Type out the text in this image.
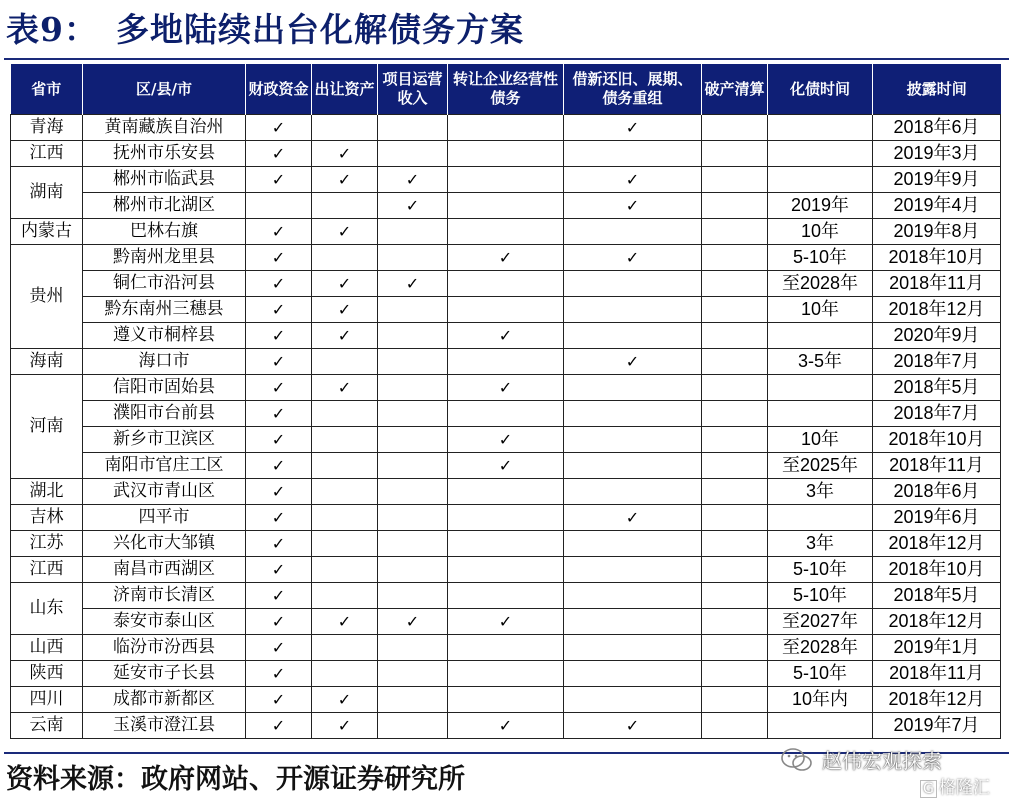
表9： 多地陆续出台化解债务方案
省市	区/县/市	财政资金	出让资产	项目运营收入	转让企业经营性债务	借新还旧、展期、债务重组	破产清算	化债时间	披露时间
青海	黄南藏族自治州	✓				✓			2018年6月
江西	抚州市乐安县	✓	✓						2019年3月
湖南	郴州市临武县	✓	✓	✓		✓			2019年9月
	郴州市北湖区			✓		✓		2019年	2019年4月
内蒙古	巴林右旗	✓	✓					10年	2019年8月
贵州	黔南州龙里县	✓			✓	✓		5-10年	2018年10月
	铜仁市沿河县	✓	✓	✓				至2028年	2018年11月
	黔东南州三穗县	✓	✓					10年	2018年12月
	遵义市桐梓县	✓	✓		✓				2020年9月
海南	海口市	✓				✓		3-5年	2018年7月
河南	信阳市固始县	✓	✓		✓				2018年5月
	濮阳市台前县	✓							2018年7月
	新乡市卫滨区	✓			✓			10年	2018年10月
	南阳市官庄工区	✓			✓			至2025年	2018年11月
湖北	武汉市青山区	✓						3年	2018年6月
吉林	四平市	✓				✓			2019年6月
江苏	兴化市大邹镇	✓						3年	2018年12月
江西	南昌市西湖区	✓						5-10年	2018年10月
山东	济南市长清区	✓						5-10年	2018年5月
	泰安市泰山区	✓	✓	✓	✓			至2027年	2018年12月
山西	临汾市汾西县	✓						至2028年	2019年1月
陕西	延安市子长县	✓						5-10年	2018年11月
四川	成都市新都区	✓	✓					10年内	2018年12月
云南	玉溪市澄江县	✓	✓		✓	✓			2019年7月
资料来源：政府网站、开源证券研究所
赵伟宏观探索
G 格隆汇
